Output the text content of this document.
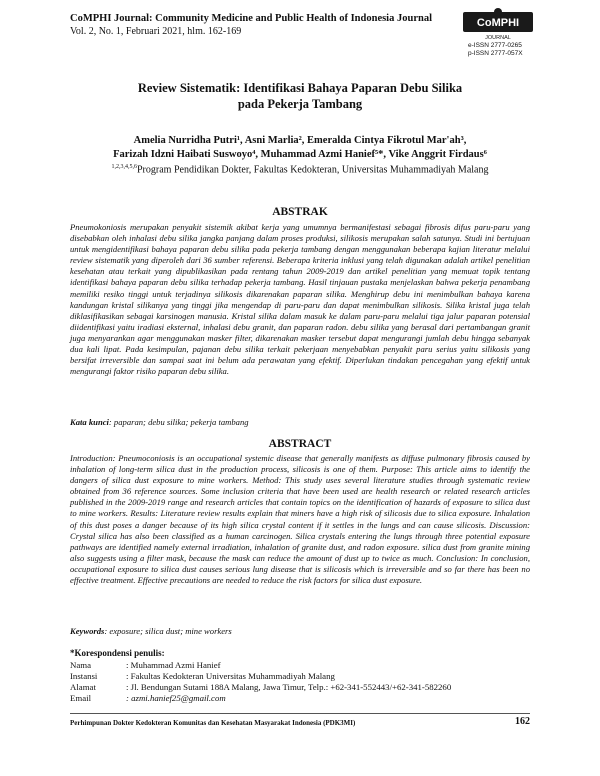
CoMPHI Journal: Community Medicine and Public Health of Indonesia Journal
Vol. 2, No. 1, Februari 2021, hlm. 162-169
CoMPHI
JOURNAL
e-ISSN 2777-0265
p-ISSN 2777-057X
Review Sistematik: Identifikasi Bahaya Paparan Debu Silika
pada Pekerja Tambang
Amelia Nurridha Putri¹, Asni Marlia², Emeralda Cintya Fikrotul Mar'ah³,
Farizah Idzni Haibati Suswoyo⁴, Muhammad Azmi Hanief⁵*, Vike Anggrit Firdaus⁶
$^{1,2,3,4,5,6}$Program Pendidikan Dokter, Fakultas Kedokteran, Universitas Muhammadiyah Malang
ABSTRAK
Pneumokoniosis merupakan penyakit sistemik akibat kerja yang umumnya bermanifestasi sebagai fibrosis difus paru-paru yang disebabkan oleh inhalasi debu silika jangka panjang dalam proses produksi, silikosis merupakan salah satunya. Studi ini bertujuan untuk mengidentifikasi bahaya paparan debu silika pada pekerja tambang dengan menggunakan beberapa kajian literatur melalui review sistematik yang diperoleh dari 36 sumber referensi. Beberapa kriteria inklusi yang telah digunakan adalah artikel penelitian kesehatan atau terkait yang dipublikasikan pada rentang tahun 2009-2019 dan artikel penelitian yang memuat topik tentang identifikasi bahaya paparan debu silika terhadap pekerja tambang. Hasil tinjauan pustaka menjelaskan bahwa pekerja penambang memiliki resiko tinggi untuk terjadinya silikosis dikarenakan paparan silika. Menghirup debu ini menimbulkan bahaya karena kandungan kristal silikanya yang tinggi jika mengendap di paru-paru dan dapat menimbulkan silikosis. Silika kristal juga telah diklasifikasikan sebagai karsinogen manusia. Kristal silika dalam masuk ke dalam paru-paru melalui tiga jalur paparan potensial diidentifikasi yaitu iradiasi eksternal, inhalasi debu granit, dan paparan radon. debu silika yang berasal dari pertambangan granit juga menyarankan agar menggunakan masker filter, dikarenakan masker tersebut dapat mengurangi jumlah debu hingga sebanyak dua kali lipat. Pada kesimpulan, pajanan debu silika terkait pekerjaan menyebabkan penyakit paru serius yaitu silikosis yang bersifat irreversible dan sampai saat ini belum ada perawatan yang efektif. Diperlukan tindakan pencegahan yang efektif untuk mengurangi faktor risiko paparan debu silika.
Kata kunci: paparan; debu silika; pekerja tambang
ABSTRACT
Introduction: Pneumoconiosis is an occupational systemic disease that generally manifests as diffuse pulmonary fibrosis caused by inhalation of long-term silica dust in the production process, silicosis is one of them. Purpose: This article aims to identify the dangers of silica dust exposure to mine workers. Method: This study uses several literature studies through systematic review obtained from 36 reference sources. Some inclusion criteria that have been used are health research or related research articles published in the 2009-2019 range and research articles that contain topics on the identification of hazards of exposure to silica dust to mine workers. Results: Literature review results explain that miners have a high risk of silicosis due to silica exposure. Inhalation of this dust poses a danger because of its high silica crystal content if it settles in the lungs and can cause silicosis. Discussion: Crystal silica has also been classified as a human carcinogen. Silica crystals entering the lungs through three potential exposure pathways are identified namely external irradiation, inhalation of granite dust, and radon exposure. silica dust from granite mining also suggests using a filter mask, because the mask can reduce the amount of dust up to twice as much. Conclusion: In conclusion, occupational exposure to silica dust causes serious lung disease that is silicosis which is irreversible and so far there has been no effective treatment. Effective precautions are needed to reduce the risk factors for silica dust exposure.
Keywords: exposure; silica dust; mine workers
*Korespondensi penulis:
Nama	: Muhammad Azmi Hanief
Instansi	: Fakultas Kedokteran Universitas Muhammadiyah Malang
Alamat	: Jl. Bendungan Sutami 188A Malang, Jawa Timur, Telp.: +62-341-552443/+62-341-582260
Email	: azmi.hanief25@gmail.com
Perhimpunan Dokter Kedokteran Komunitas dan Kesehatan Masyarakat Indonesia (PDK3MI)	162
